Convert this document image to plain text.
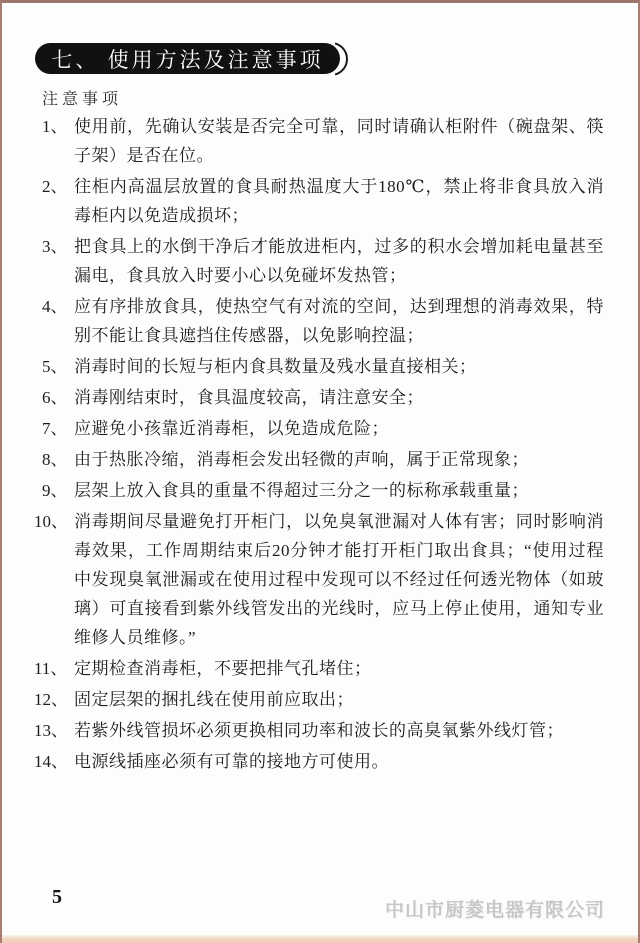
七、 使用方法及注意事项
注意事项
1、 使用前，先确认安装是否完全可靠，同时请确认柜附件（碗盘架、筷子架）是否在位。
2、 往柜内高温层放置的食具耐热温度大于180℃，禁止将非食具放入消毒柜内以免造成损坏；
3、 把食具上的水倒干净后才能放进柜内，过多的积水会增加耗电量甚至漏电，食具放入时要小心以免碰坏发热管；
4、 应有序排放食具，使热空气有对流的空间，达到理想的消毒效果，特别不能让食具遮挡住传感器，以免影响控温；
5、 消毒时间的长短与柜内食具数量及残水量直接相关；
6、 消毒刚结束时，食具温度较高，请注意安全；
7、 应避免小孩靠近消毒柜，以免造成危险；
8、 由于热胀冷缩，消毒柜会发出轻微的声响，属于正常现象；
9、 层架上放入食具的重量不得超过三分之一的标称承载重量；
10、 消毒期间尽量避免打开柜门，以免臭氧泄漏对人体有害；同时影响消毒效果，工作周期结束后20分钟才能打开柜门取出食具；“使用过程中发现臭氧泄漏或在使用过程中发现可以不经过任何透光物体（如玻璃）可直接看到紫外线管发出的光线时，应马上停止使用，通知专业维修人员维修。”
11、 定期检查消毒柜，不要把排气孔堵住；
12、 固定层架的捆扎线在使用前应取出；
13、 若紫外线管损坏必须更换相同功率和波长的高臭氧紫外线灯管；
14、 电源线插座必须有可靠的接地方可使用。
5
中山市厨菱电器有限公司
